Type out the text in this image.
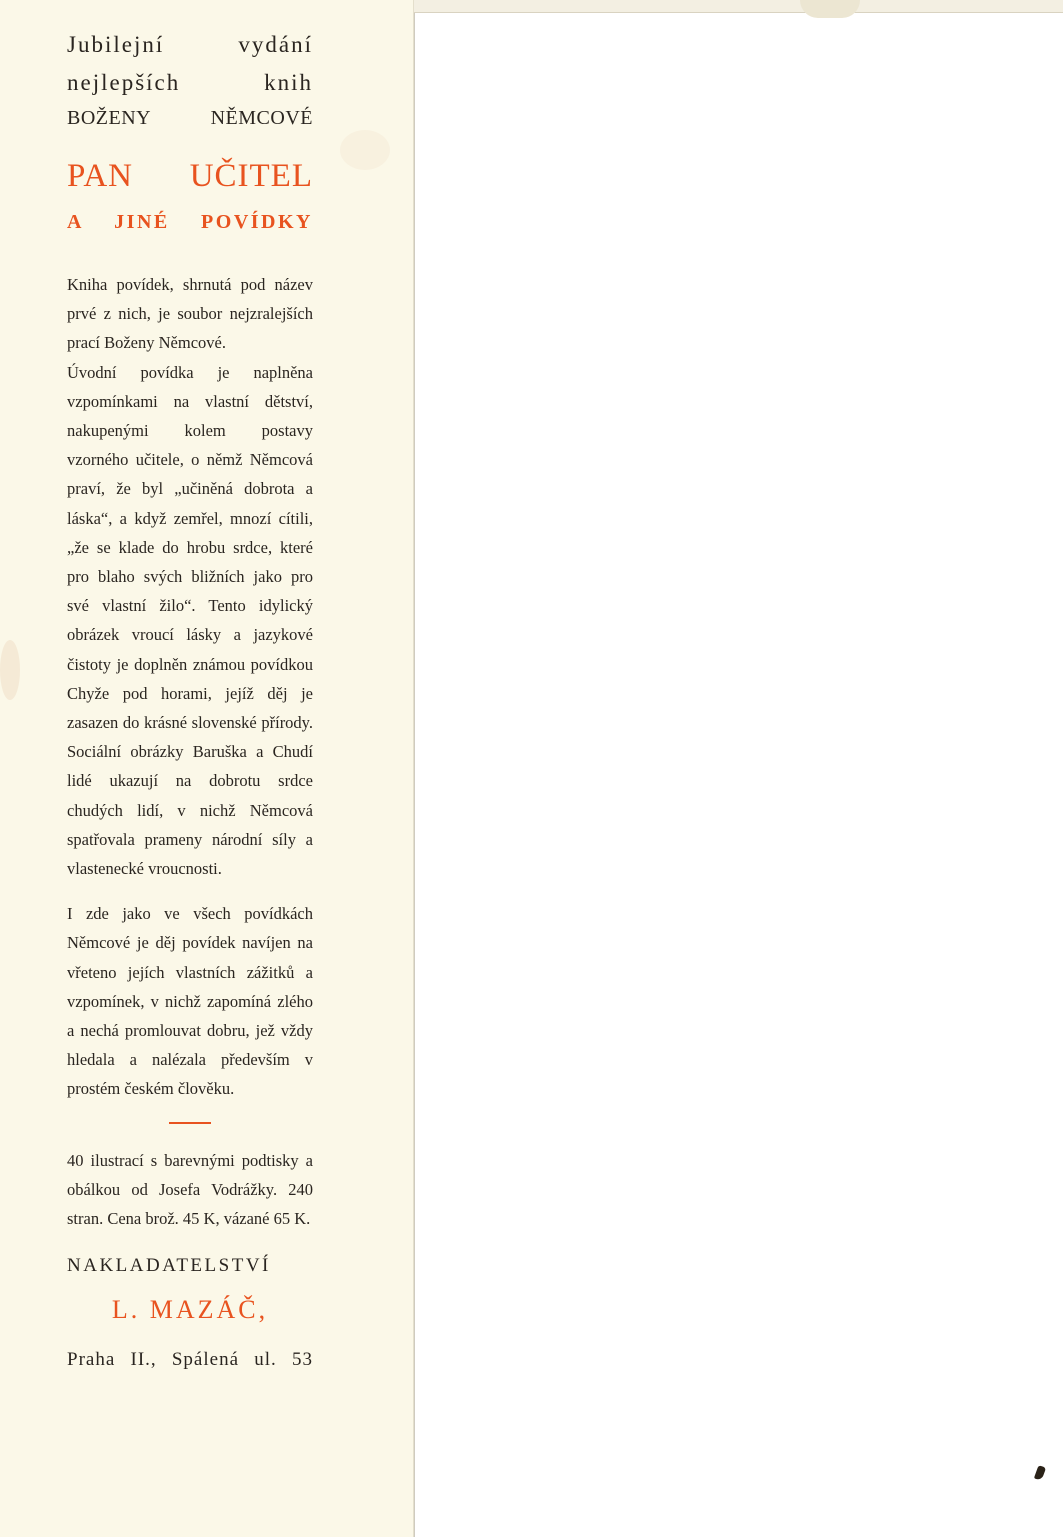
Jubilejní vydání

nejlepších knih

BOŽENY NĚMCOVÉ

PAN UČITEL

A JINÉ POVÍDKY

Kniha povídek, shrnutá pod název prvé z nich, je soubor nejzralejších prací Boženy Němcové.

Úvodní povídka je naplněna vzpomínkami na vlastní dětství, nakupenými kolem postavy vzorného učitele, o němž Němcová praví, že byl „učiněná dobrota a láska“, a když zemřel, mnozí cítili, „že se klade do hrobu srdce, které pro blaho svých bližních jako pro své vlastní žilo“. Tento idylický obrázek vroucí lásky a jazykové čistoty je doplněn známou povídkou Chyže pod horami, jejíž děj je zasazen do krásné slovenské přírody. Sociální obrázky Baruška a Chudí lidé ukazují na dobrotu srdce chudých lidí, v nichž Němcová spatřovala prameny národní síly a vlastenecké vroucnosti.

I zde jako ve všech povídkách Němcové je děj povídek navíjen na vřeteno jejích vlastních zážitků a vzpomínek, v nichž zapomíná zlého a nechá promlouvat dobru, jež vždy hledala a nalézala především v prostém českém člověku.

40 ilustrací s barevnými podtisky a obálkou od Josefa Vodrážky. 240 stran. Cena brož. 45 K, vázané 65 K.

NAKLADATELSTVÍ

L. MAZÁČ,

Praha II., Spálená ul. 53
